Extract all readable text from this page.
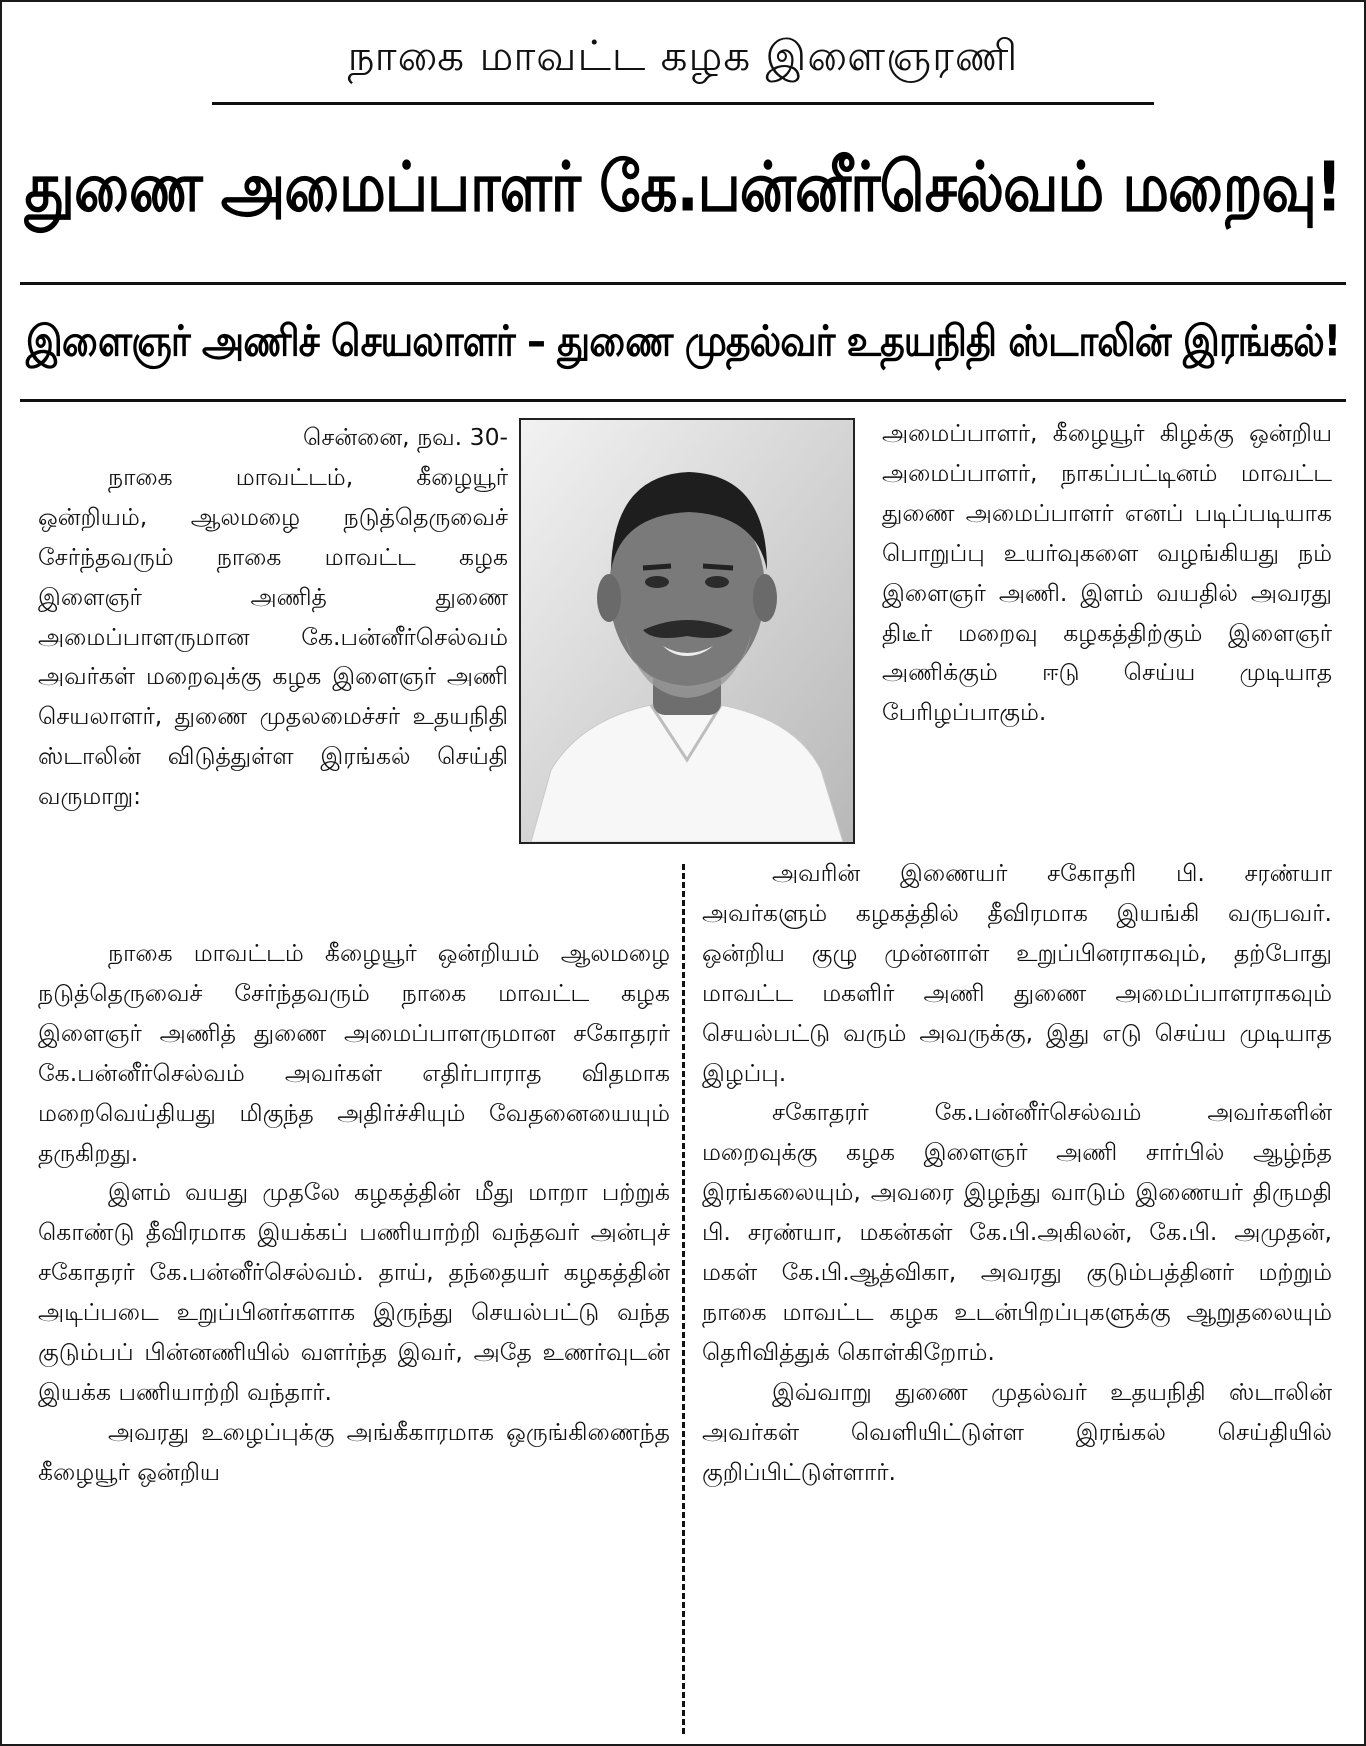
நாகை மாவட்ட கழக இளைஞரணி
துணை அமைப்பாளர் கே.பன்னீர்செல்வம் மறைவு!
இளைஞர் அணிச் செயலாளர் – துணை முதல்வர் உதயநிதி ஸ்டாலின் இரங்கல்!

சென்னை, நவ. 30-

நாகை மாவட்டம், கீழையூர் ஒன்றியம், ஆலமழை நடுத்தெருவைச் சேர்ந்தவரும் நாகை மாவட்ட கழக இளைஞர் அணித் துணை அமைப்பாளருமான கே.பன்னீர்செல்வம் அவர்கள் மறைவுக்கு கழக இளைஞர் அணி செயலாளர், துணை முதலமைச்சர் உதயநிதி ஸ்டாலின் விடுத்துள்ள இரங்கல் செய்தி வருமாறு:

அமைப்பாளர், கீழையூர் கிழக்கு ஒன்றிய அமைப்பாளர், நாகப்பட்டினம் மாவட்ட துணை அமைப்பாளர் எனப் படிப்படியாக பொறுப்பு உயர்வுகளை வழங்கியது நம் இளைஞர் அணி. இளம் வயதில் அவரது திடீர் மறைவு கழகத்திற்கும் இளைஞர் அணிக்கும் ஈடு செய்ய முடியாத பேரிழப்பாகும்.

நாகை மாவட்டம் கீழையூர் ஒன்றியம் ஆலமழை நடுத்தெருவைச் சேர்ந்தவரும் நாகை மாவட்ட கழக இளைஞர் அணித் துணை அமைப்பாளருமான சகோதரர் கே.பன்னீர்செல்வம் அவர்கள் எதிர்பாராத விதமாக மறைவெய்தியது மிகுந்த அதிர்ச்சியும் வேதனையையும் தருகிறது.

இளம் வயது முதலே கழகத்தின் மீது மாறா பற்றுக் கொண்டு தீவிரமாக இயக்கப் பணியாற்றி வந்தவர் அன்புச் சகோதரர் கே.பன்னீர்செல்வம். தாய், தந்தையர் கழகத்தின் அடிப்படை உறுப்பினர்களாக இருந்து செயல்பட்டு வந்த குடும்பப் பின்னணியில் வளர்ந்த இவர், அதே உணர்வுடன் இயக்க பணியாற்றி வந்தார்.

அவரது உழைப்புக்கு அங்கீகாரமாக ஒருங்கிணைந்த கீழையூர் ஒன்றிய

அவரின் இணையர் சகோதரி பி. சரண்யா அவர்களும் கழகத்தில் தீவிரமாக இயங்கி வருபவர். ஒன்றிய குழு முன்னாள் உறுப்பினராகவும், தற்போது மாவட்ட மகளிர் அணி துணை அமைப்பாளராகவும் செயல்பட்டு வரும் அவருக்கு, இது எடு செய்ய முடியாத இழப்பு.

சகோதரர் கே.பன்னீர்செல்வம் அவர்களின் மறைவுக்கு கழக இளைஞர் அணி சார்பில் ஆழ்ந்த இரங்கலையும், அவரை இழந்து வாடும் இணையர் திருமதி பி. சரண்யா, மகன்கள் கே.பி.அகிலன், கே.பி. அமுதன், மகள் கே.பி.ஆத்விகா, அவரது குடும்பத்தினர் மற்றும் நாகை மாவட்ட கழக உடன்பிறப்புகளுக்கு ஆறுதலையும் தெரிவித்துக் கொள்கிறோம்.

இவ்வாறு துணை முதல்வர் உதயநிதி ஸ்டாலின் அவர்கள் வெளியிட்டுள்ள இரங்கல் செய்தியில் குறிப்பிட்டுள்ளார்.
